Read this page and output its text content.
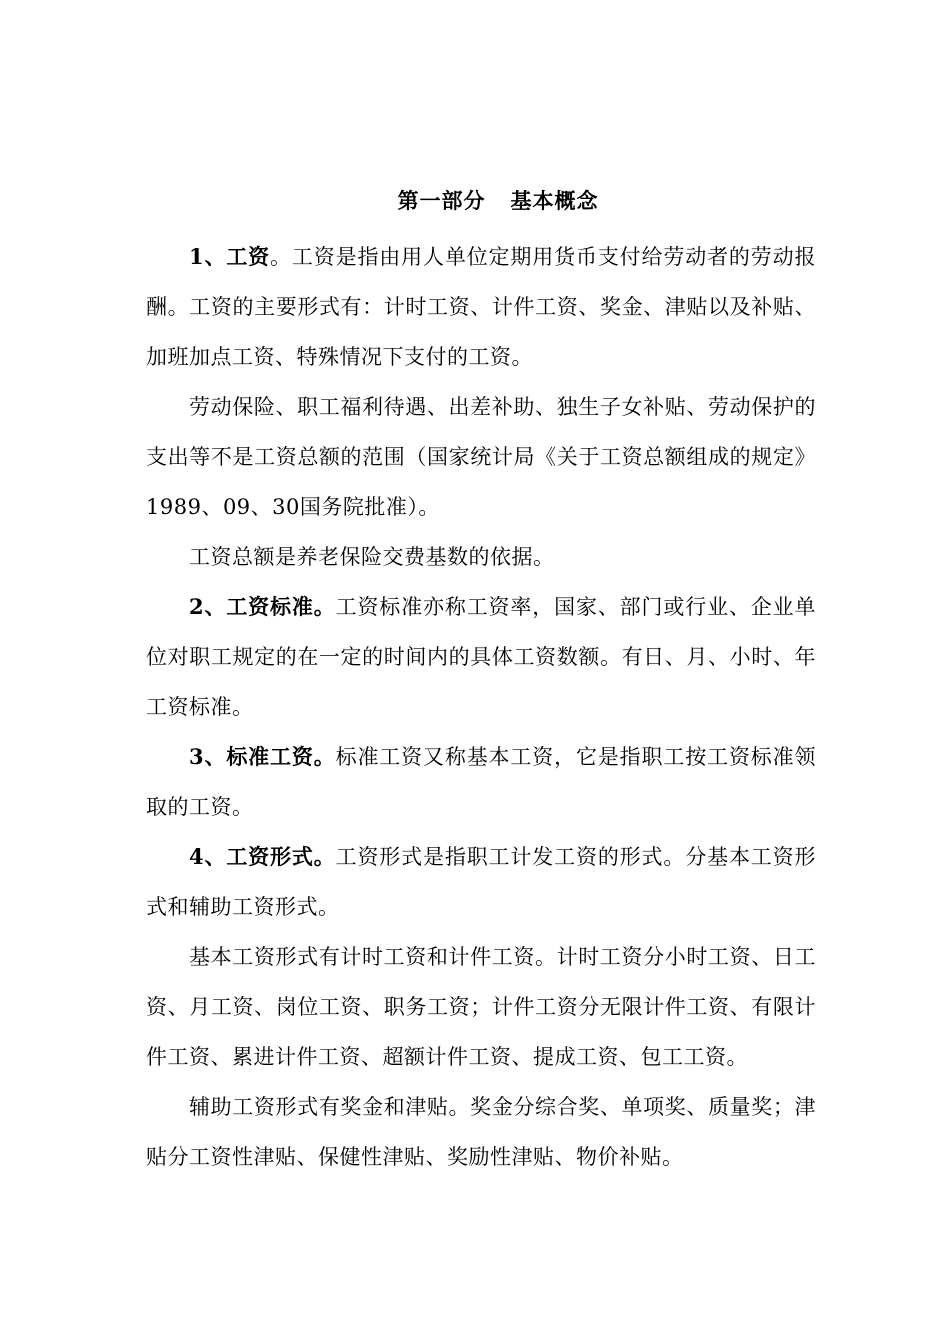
第一部分   基本概念

1、工资。工资是指由用人单位定期用货币支付给劳动者的劳动报酬。工资的主要形式有：计时工资、计件工资、奖金、津贴以及补贴、加班加点工资、特殊情况下支付的工资。

劳动保险、职工福利待遇、出差补助、独生子女补贴、劳动保护的支出等不是工资总额的范围（国家统计局《关于工资总额组成的规定》1989、09、30国务院批准）。

工资总额是养老保险交费基数的依据。

2、工资标准。工资标准亦称工资率，国家、部门或行业、企业单位对职工规定的在一定的时间内的具体工资数额。有日、月、小时、年工资标准。

3、标准工资。标准工资又称基本工资，它是指职工按工资标准领取的工资。

4、工资形式。工资形式是指职工计发工资的形式。分基本工资形式和辅助工资形式。

基本工资形式有计时工资和计件工资。计时工资分小时工资、日工资、月工资、岗位工资、职务工资；计件工资分无限计件工资、有限计件工资、累进计件工资、超额计件工资、提成工资、包工工资。

辅助工资形式有奖金和津贴。奖金分综合奖、单项奖、质量奖；津贴分工资性津贴、保健性津贴、奖励性津贴、物价补贴。
